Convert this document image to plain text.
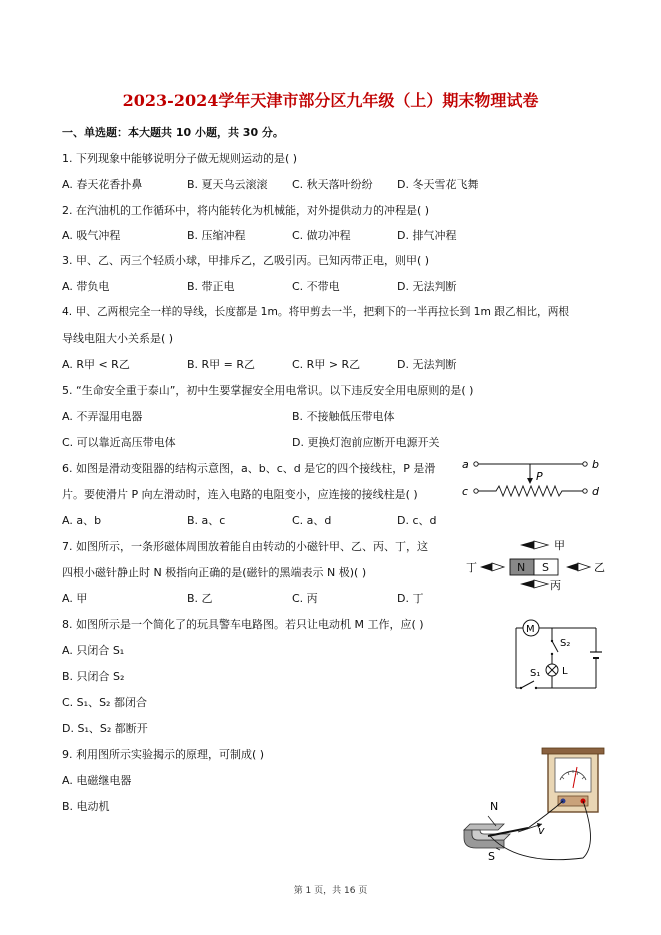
2023-2024学年天津市部分区九年级（上）期末物理试卷
一、单选题：本大题共 10 小题，共 30 分。
1. 下列现象中能够说明分子做无规则运动的是( )
A. 春天花香扑鼻	B. 夏天乌云滚滚 C. 秋天落叶纷纷 D. 冬天雪花飞舞
2. 在汽油机的工作循环中，将内能转化为机械能，对外提供动力的冲程是( )
A. 吸气冲程	B. 压缩冲程	C. 做功冲程	D. 排气冲程
3. 甲、乙、丙三个轻质小球，甲排斥乙，乙吸引丙。已知丙带正电，则甲( )
A. 带负电	B. 带正电	C. 不带电	D. 无法判断
4. 甲、乙两根完全一样的导线，长度都是 1m。将甲剪去一半，把剩下的一半再拉长到 1m 跟乙相比，两根
导线电阻大小关系是( )
A. R甲 < R乙	B. R甲 = R乙	C. R甲 > R乙	D. 无法判断
5. “生命安全重于泰山”，初中生要掌握安全用电常识。以下违反安全用电原则的是( )
A. 不弄湿用电器	B. 不接触低压带电体
C. 可以靠近高压带电体	D. 更换灯泡前应断开电源开关
6. 如图是滑动变阻器的结构示意图，a、b、c、d 是它的四个接线柱，P 是滑
片。要使滑片 P 向左滑动时，连入电路的电阻变小，应连接的接线柱是( )
A. a、b	B. a、c	C. a、d	D. c、d
a	b
P
c	d
7. 如图所示，一条形磁体周围放着能自由转动的小磁针甲、乙、丙、丁，这
四根小磁针静止时 N 极指向正确的是(磁针的黑端表示 N 极)( )
A. 甲	B. 乙	C. 丙	D. 丁
甲
丁	N S	乙
丙
8. 如图所示是一个简化了的玩具警车电路图。若只让电动机 M 工作，应( )
A. 只闭合 S₁
B. 只闭合 S₂
C. S₁、S₂ 都闭合
D. S₁、S₂ 都断开
M
S₂
L
S₁
9. 利用图所示实验揭示的原理，可制成( )
A. 电磁继电器
B. 电动机	N
S
v
第 1 页，共 16 页
